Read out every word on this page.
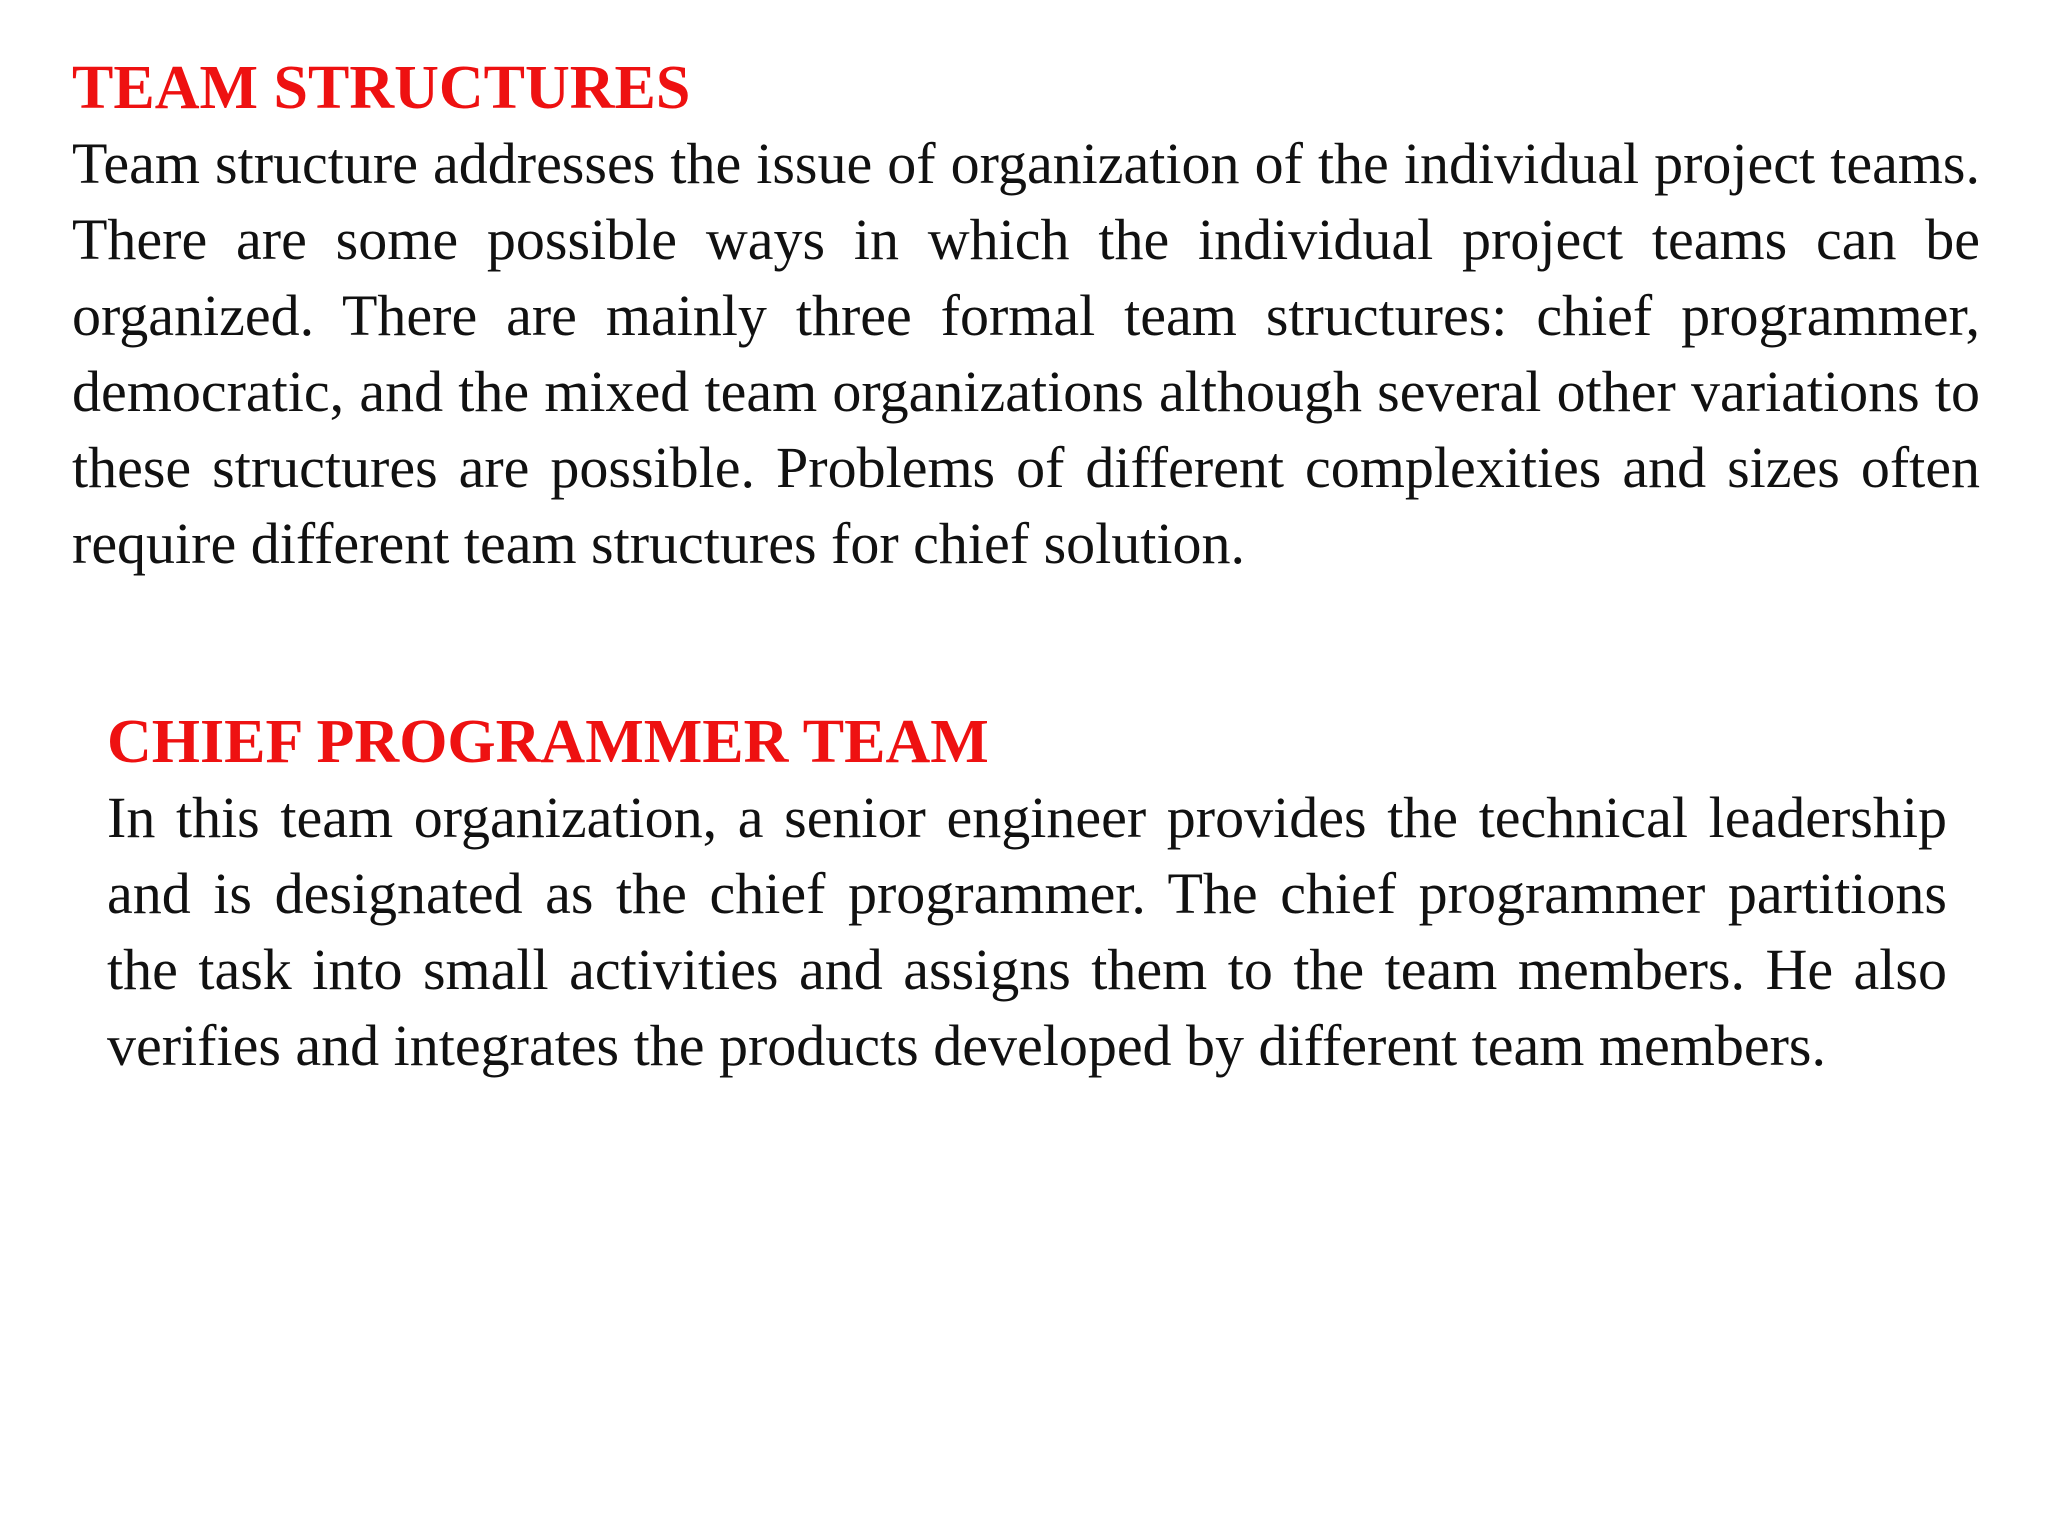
TEAM STRUCTURES

Team structure addresses the issue of organization of the individual project teams. There are some possible ways in which the individual project teams can be organized. There are mainly three formal team structures: chief programmer, democratic, and the mixed team organizations although several other variations to these structures are possible. Problems of different complexities and sizes often require different team structures for chief solution.

CHIEF PROGRAMMER TEAM

In this team organization, a senior engineer provides the technical leadership and is designated as the chief programmer. The chief programmer partitions the task into small activities and assigns them to the team members. He also verifies and integrates the products developed by different team members.
